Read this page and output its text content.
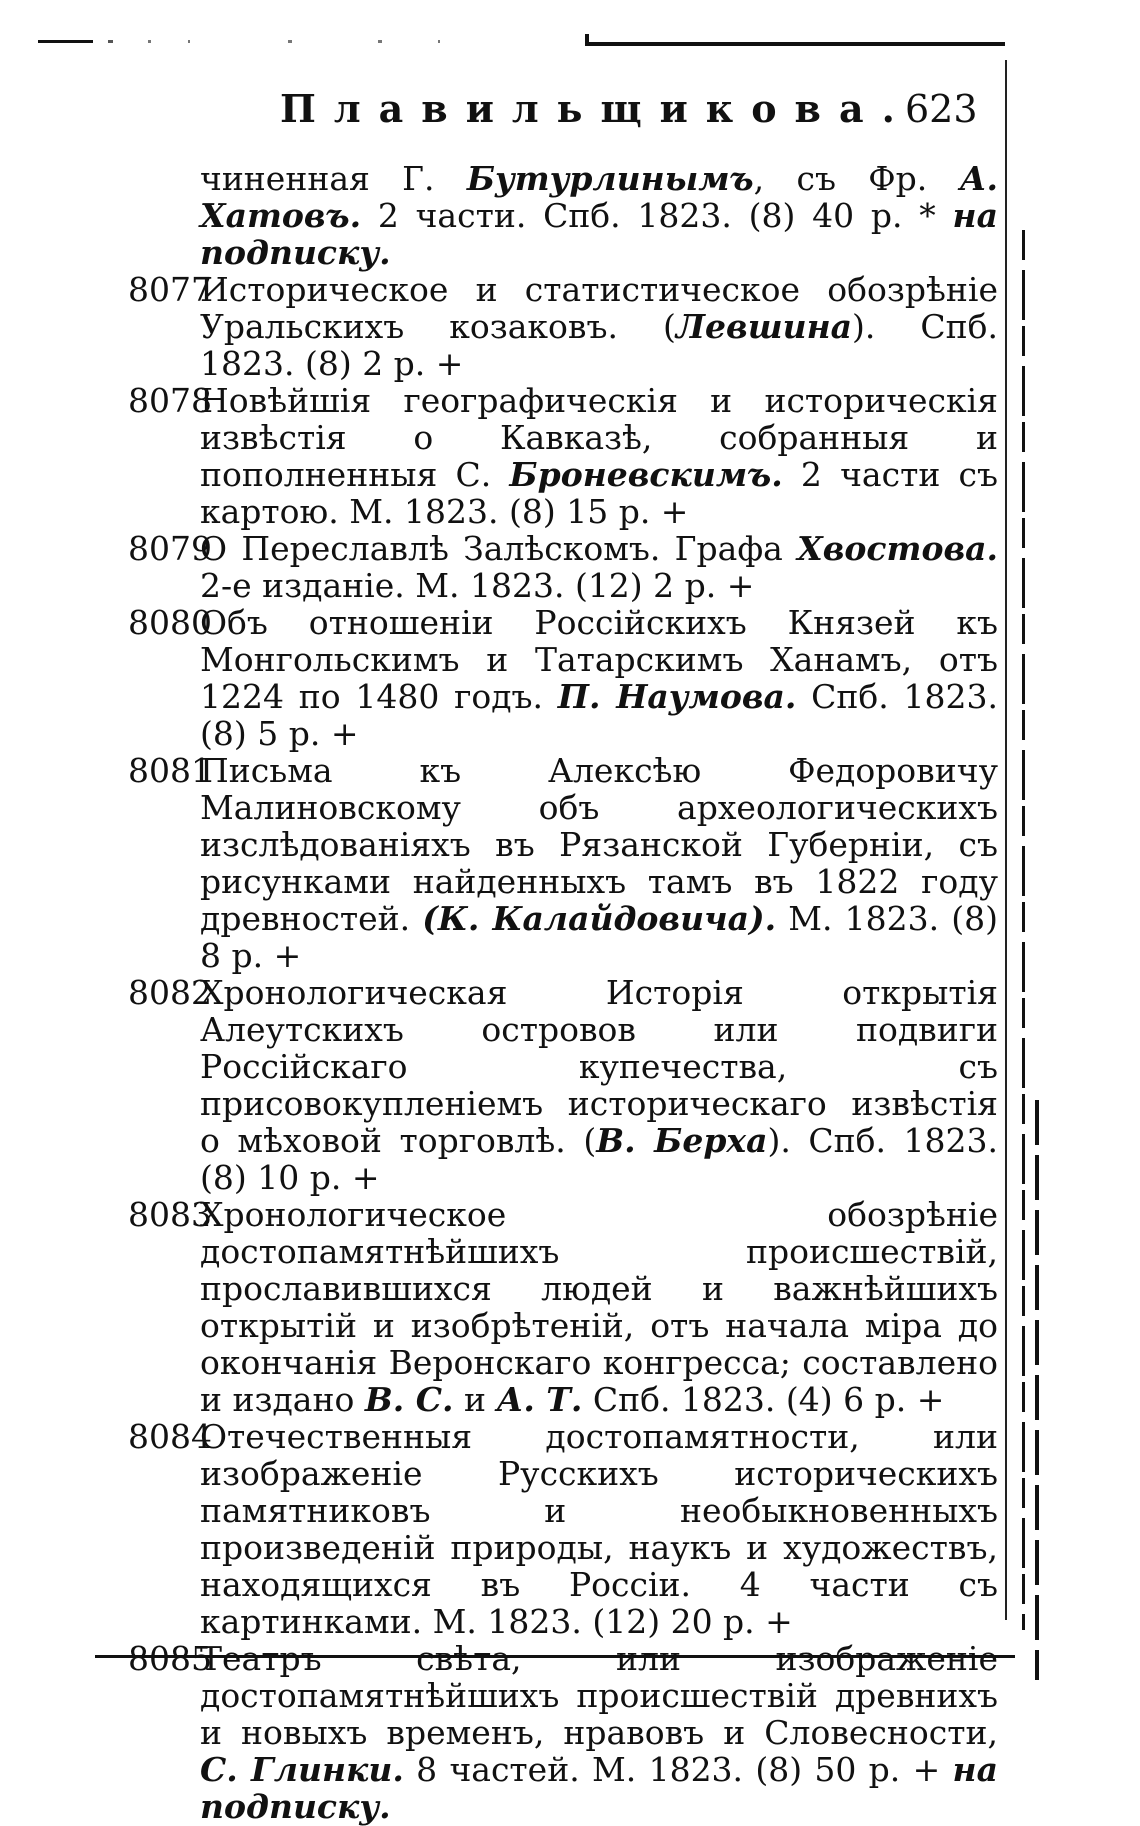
Плавильщикова.
623
чиненная Г. Бутурлинымъ, съ Фр. А. Хатовъ. 2 части. Спб. 1823. (8) 40 р. * на подписку.
8077
Историческое и статистическое обозрѣніе Уральскихъ козаковъ. (Левшина). Спб. 1823. (8) 2 р. +
8078
Новѣйшія географическія и историческія извѣстія о Кавказѣ, собранныя и пополненныя С. Броневскимъ. 2 части съ картою. М. 1823. (8) 15 р. +
8079
О Переславлѣ Залѣскомъ. Графа Хвостова. 2-е изданіе. М. 1823. (12) 2 р. +
8080
Объ отношеніи Россійскихъ Князей къ Монгольскимъ и Татарскимъ Ханамъ, отъ 1224 по 1480 годъ. П. Наумова. Спб. 1823. (8) 5 р. +
8081
Письма къ Алексѣю Федоровичу Малиновскому объ археологическихъ изслѣдованіяхъ въ Рязанской Губерніи, съ рисунками найденныхъ тамъ въ 1822 году древностей. (К. Калайдовича). М. 1823. (8) 8 р. +
8082
Хронологическая Исторія открытія Алеутскихъ островов или подвиги Россійскаго купечества, съ присовокупленіемъ историческаго извѣстія о мѣховой торговлѣ. (В. Берха). Спб. 1823. (8) 10 р. +
8083
Хронологическое обозрѣніе достопамятнѣйшихъ происшествій, прославившихся людей и важнѣйшихъ открытій и изобрѣтеній, отъ начала міра до окончанія Веронскаго конгресса; составлено и издано В. С. и А. Т. Спб. 1823. (4) 6 р. +
8084
Отечественныя достопамятности, или изображеніе Русскихъ историческихъ памятниковъ и необыкновенныхъ произведеній природы, наукъ и художествъ, находящихся въ Россіи. 4 части съ картинками. М. 1823. (12) 20 р. +
8085
Театръ свѣта, или изображеніе достопамятнѣйшихъ происшествій древнихъ и новыхъ временъ, нравовъ и Словесности, С. Глинки. 8 частей. М. 1823. (8) 50 р. + на подписку.
